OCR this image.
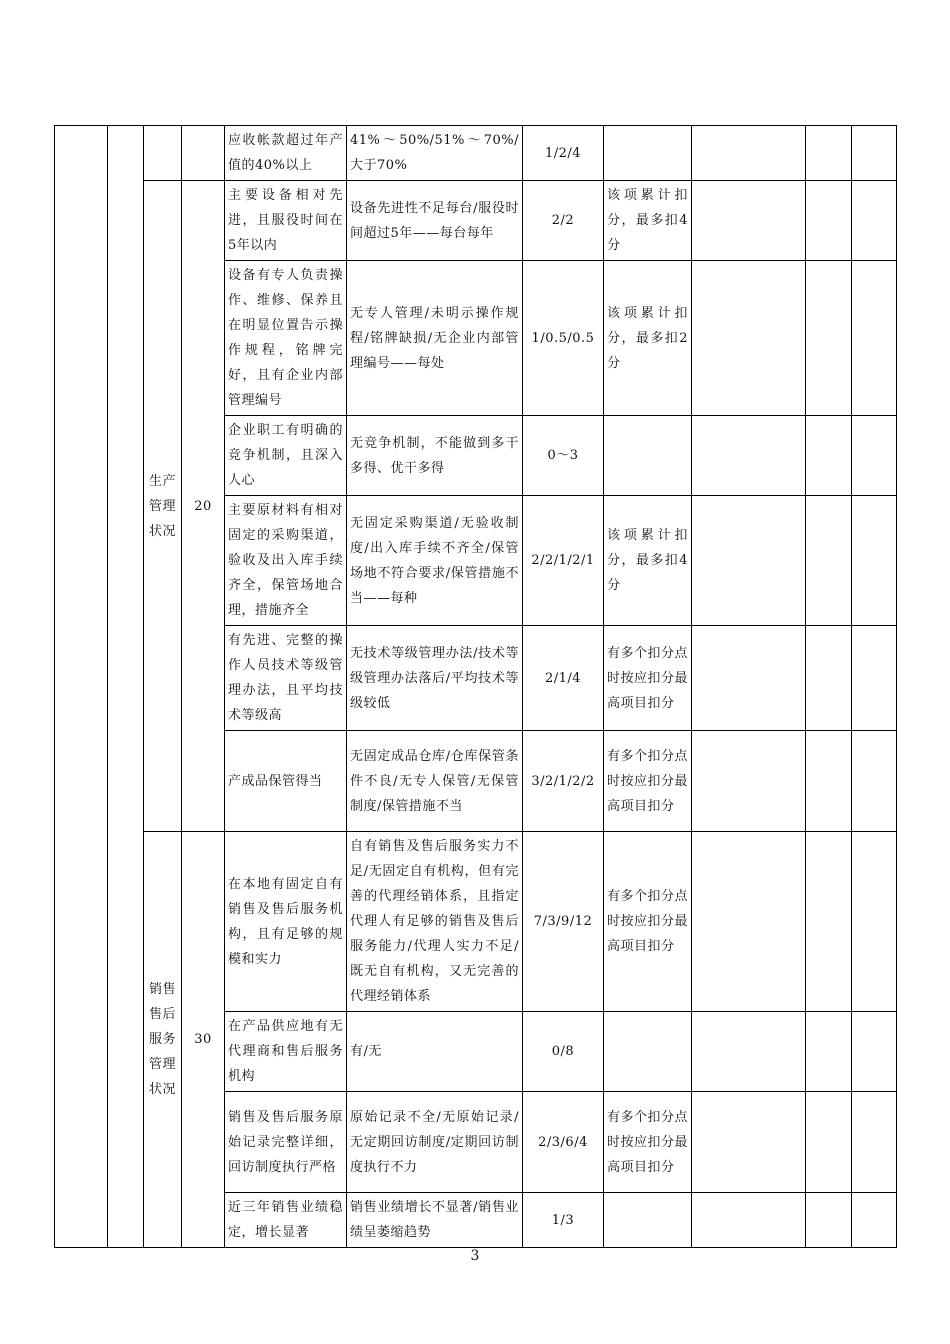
				应收帐款超过年产值的40%以上	41%～50%/51%～70%/大于70%	1/2/4				
		生产管理状况	20	主要设备相对先进，且服役时间在5年以内	设备先进性不足每台/服役时间超过5年——每台每年	2/2	该项累计扣分，最多扣4分			
				设备有专人负责操作、维修、保养且在明显位置告示操作规程，铭牌完好，且有企业内部管理编号	无专人管理/未明示操作规程/铭牌缺损/无企业内部管理编号——每处	1/0.5/0.5	该项累计扣分，最多扣2分			
				企业职工有明确的竞争机制，且深入人心	无竞争机制，不能做到多干多得、优干多得	0～3				
				主要原材料有相对固定的采购渠道，验收及出入库手续齐全，保管场地合理，措施齐全	无固定采购渠道/无验收制度/出入库手续不齐全/保管场地不符合要求/保管措施不当——每种	2/2/1/2/1	该项累计扣分，最多扣4分			
				有先进、完整的操作人员技术等级管理办法，且平均技术等级高	无技术等级管理办法/技术等级管理办法落后/平均技术等级较低	2/1/4	有多个扣分点时按应扣分最高项目扣分			
				产成品保管得当	无固定成品仓库/仓库保管条件不良/无专人保管/无保管制度/保管措施不当	3/2/1/2/2	有多个扣分点时按应扣分最高项目扣分			
		销售售后服务管理状况	30	在本地有固定自有销售及售后服务机构，且有足够的规模和实力	自有销售及售后服务实力不足/无固定自有机构，但有完善的代理经销体系，且指定代理人有足够的销售及售后服务能力/代理人实力不足/既无自有机构，又无完善的代理经销体系	7/3/9/12	有多个扣分点时按应扣分最高项目扣分			
				在产品供应地有无代理商和售后服务机构	有/无	0/8				
				销售及售后服务原始记录完整详细，回访制度执行严格	原始记录不全/无原始记录/无定期回访制度/定期回访制度执行不力	2/3/6/4	有多个扣分点时按应扣分最高项目扣分			
				近三年销售业绩稳定，增长显著	销售业绩增长不显著/销售业绩呈萎缩趋势	1/3				
3
